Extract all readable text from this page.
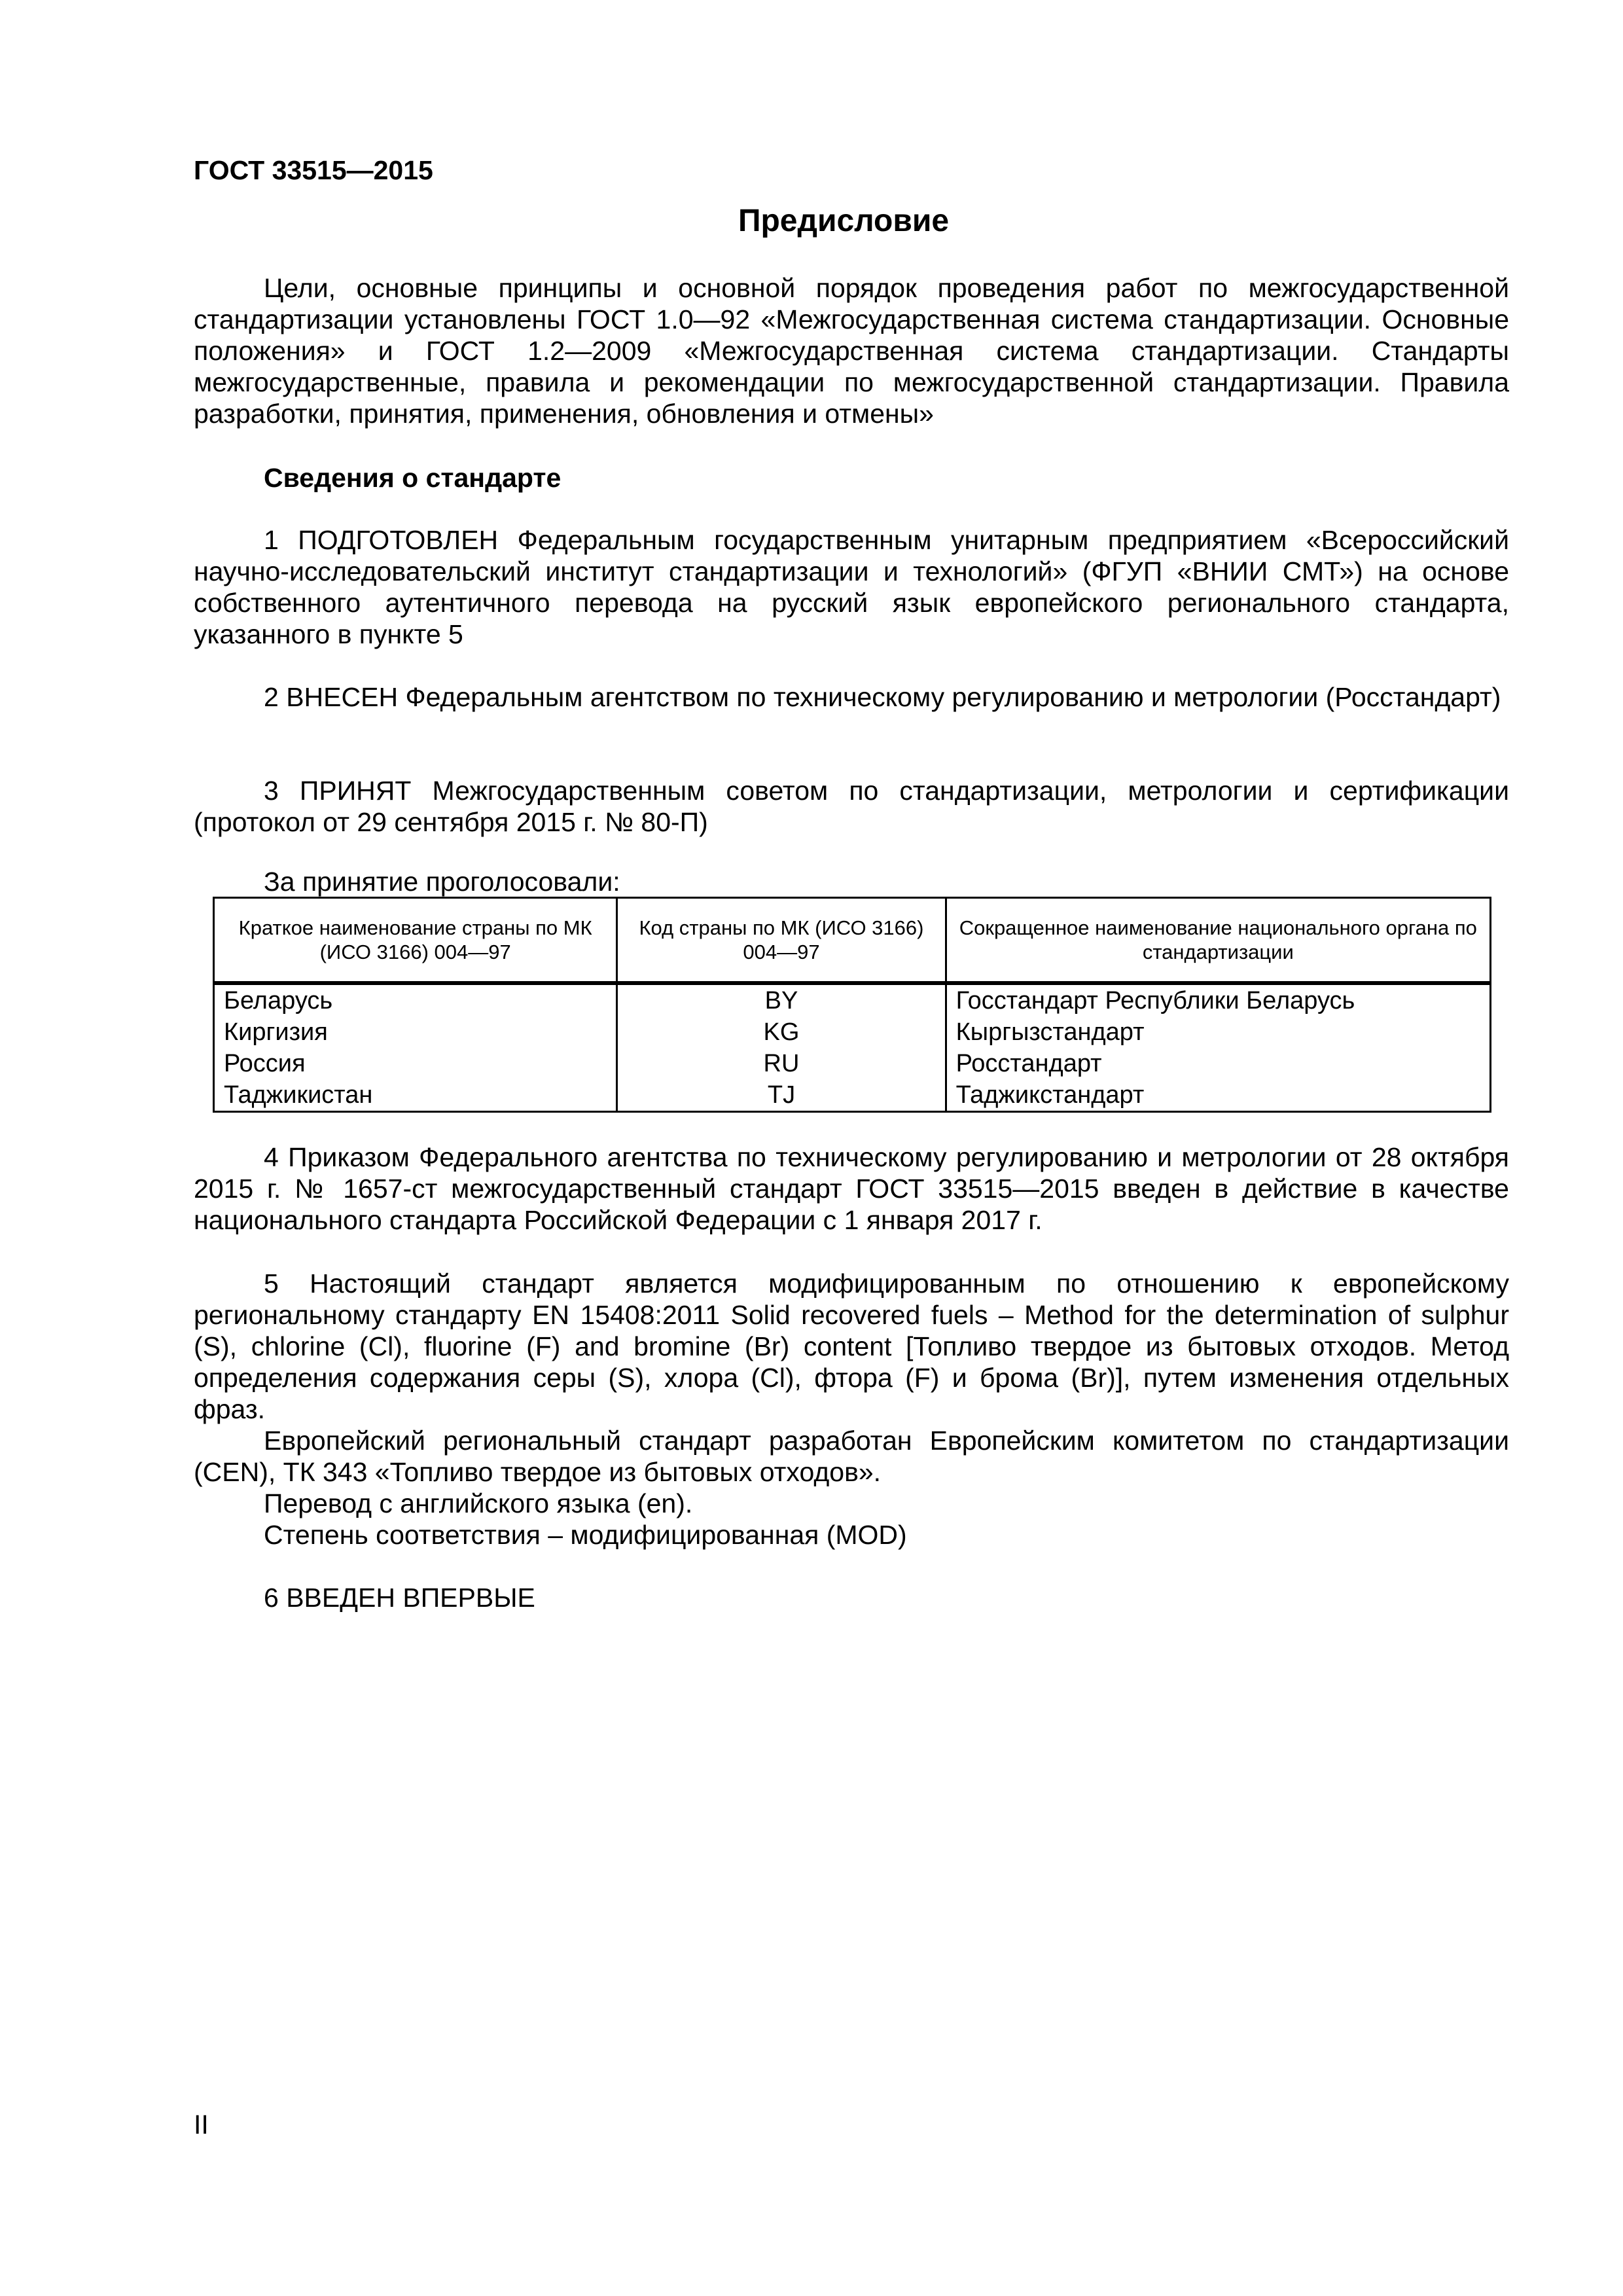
ГОСТ 33515—2015
Предисловие

Цели, основные принципы и основной порядок проведения работ по межгосударственной стандартизации установлены ГОСТ 1.0—92 «Межгосударственная система стандартизации. Основные положения» и ГОСТ 1.2—2009 «Межгосударственная система стандартизации. Стандарты межгосударственные, правила и рекомендации по межгосударственной стандартизации. Правила разработки, принятия, применения, обновления и отмены»

Сведения о стандарте

1 ПОДГОТОВЛЕН Федеральным государственным унитарным предприятием «Всероссийский научно-исследовательский институт стандартизации и технологий» (ФГУП «ВНИИ СМТ») на основе собственного аутентичного перевода на русский язык европейского регионального стандарта, указанного в пункте 5

2 ВНЕСЕН Федеральным агентством по техническому регулированию и метрологии (Росстандарт)

3 ПРИНЯТ Межгосударственным советом по стандартизации, метрологии и сертификации (протокол от 29 сентября 2015 г. № 80-П)

За принятие проголосовали:
Краткое наименование страны по МК (ИСО 3166) 004—97	Код страны по МК (ИСО 3166) 004—97	Сокращенное наименование национального органа по стандартизации
Беларусь	BY	Госстандарт Республики Беларусь
Киргизия	KG	Кыргызстандарт
Россия	RU	Росстандарт
Таджикистан	TJ	Таджикстандарт

4 Приказом Федерального агентства по техническому регулированию и метрологии от 28 октября 2015 г. № 1657-ст межгосударственный стандарт ГОСТ 33515—2015 введен в действие в качестве национального стандарта Российской Федерации с 1 января 2017 г.

5 Настоящий стандарт является модифицированным по отношению к европейскому региональному стандарту EN 15408:2011 Solid recovered fuels – Method for the determination of sulphur (S), chlorine (Cl), fluorine (F) and bromine (Br) content [Топливо твердое из бытовых отходов. Метод определения содержания серы (S), хлора (Cl), фтора (F) и брома (Br)], путем изменения отдельных фраз.

Европейский региональный стандарт разработан Европейским комитетом по стандартизации (CEN), ТК 343 «Топливо твердое из бытовых отходов».

Перевод с английского языка (en).
Степень соответствия – модифицированная (MOD)
6 ВВЕДЕН ВПЕРВЫЕ
II
